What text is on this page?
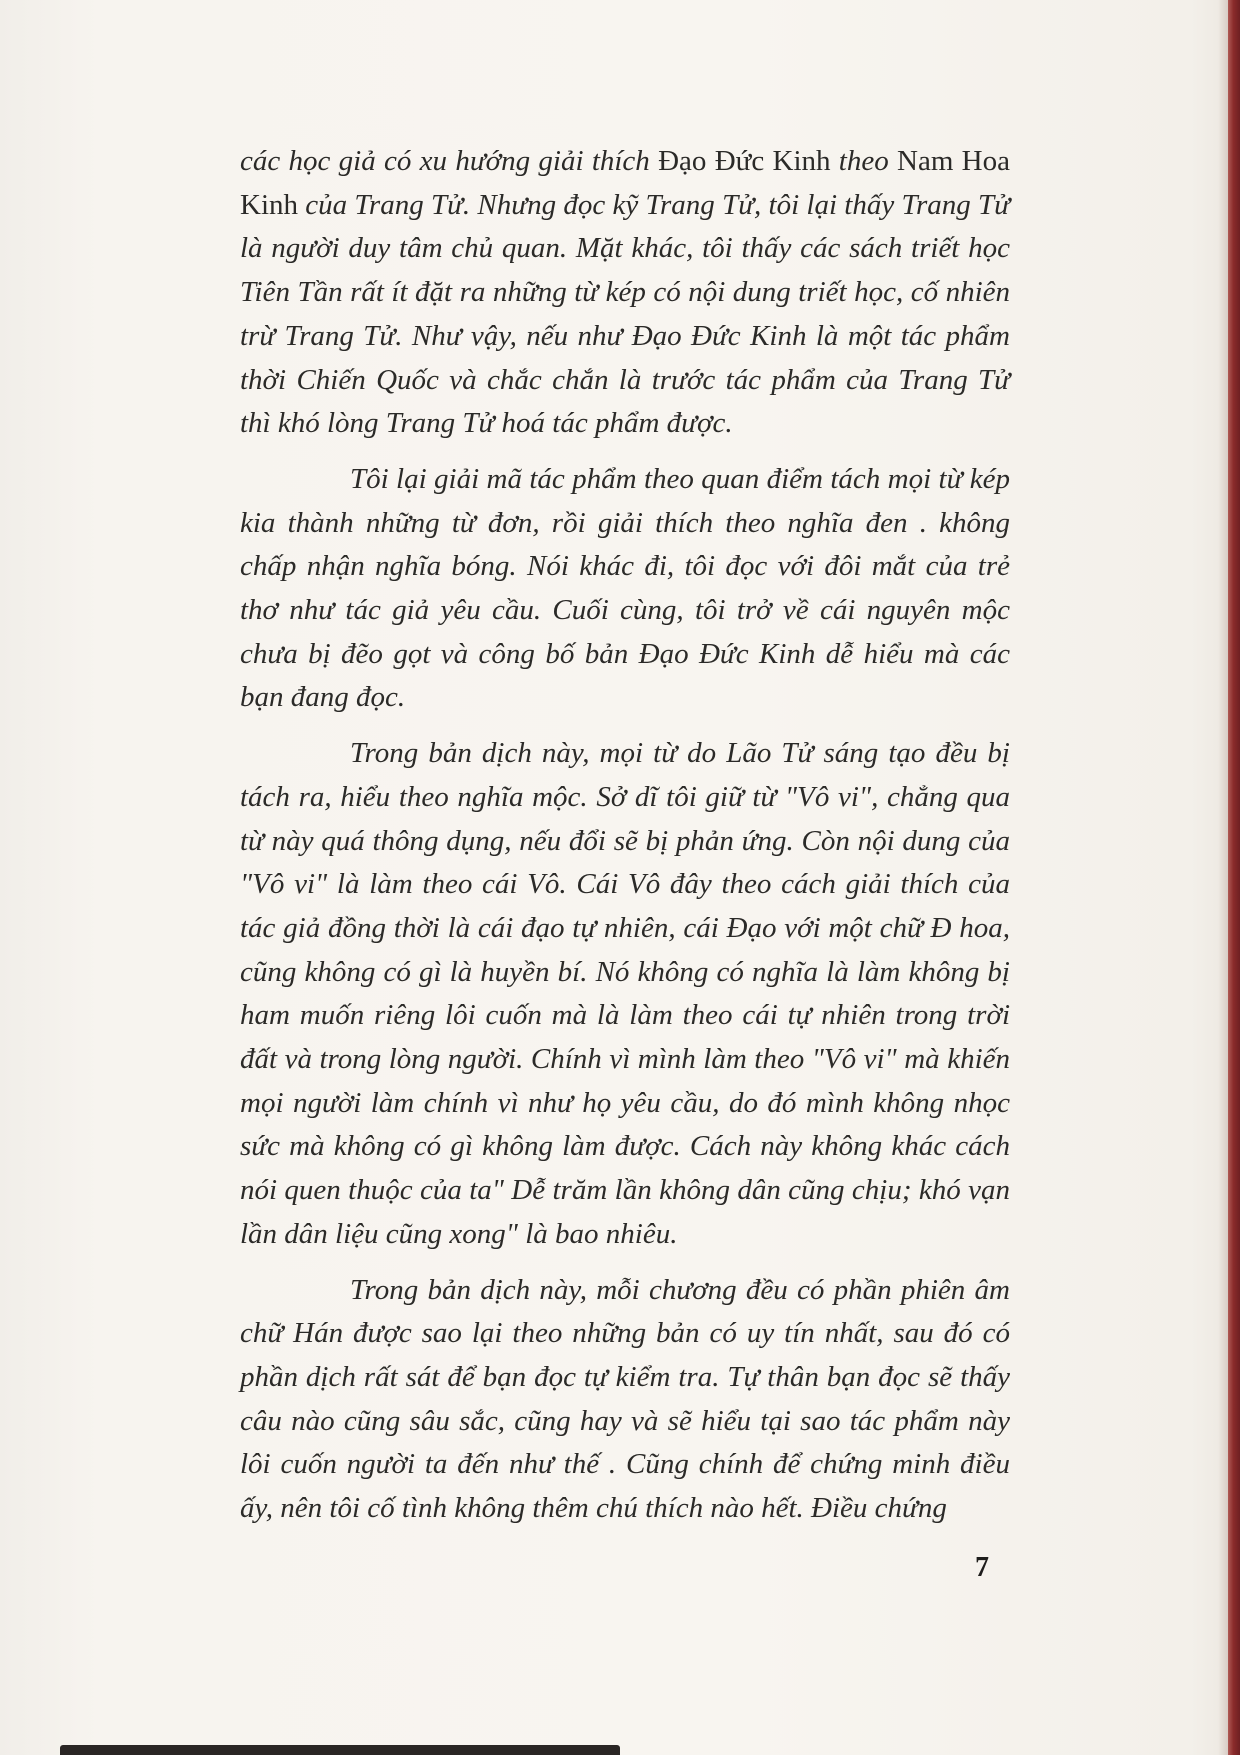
các học giả có xu hướng giải thích Đạo Đức Kinh theo Nam Hoa Kinh của Trang Tử. Nhưng đọc kỹ Trang Tử, tôi lại thấy Trang Tử là người duy tâm chủ quan. Mặt khác, tôi thấy các sách triết học Tiên Tần rất ít đặt ra những từ kép có nội dung triết học, cố nhiên trừ Trang Tử. Như vậy, nếu như Đạo Đức Kinh là một tác phẩm thời Chiến Quốc và chắc chắn là trước tác phẩm của Trang Tử thì khó lòng Trang Tử hoá tác phẩm được.

Tôi lại giải mã tác phẩm theo quan điểm tách mọi từ kép kia thành những từ đơn, rồi giải thích theo nghĩa đen . không chấp nhận nghĩa bóng. Nói khác đi, tôi đọc với đôi mắt của trẻ thơ như tác giả yêu cầu. Cuối cùng, tôi trở về cái nguyên mộc chưa bị đẽo gọt và công bố bản Đạo Đức Kinh dễ hiểu mà các bạn đang đọc.

Trong bản dịch này, mọi từ do Lão Tử sáng tạo đều bị tách ra, hiểu theo nghĩa mộc. Sở dĩ tôi giữ từ "Vô vi", chẳng qua từ này quá thông dụng, nếu đổi sẽ bị phản ứng. Còn nội dung của "Vô vi" là làm theo cái Vô. Cái Vô đây theo cách giải thích của tác giả đồng thời là cái đạo tự nhiên, cái Đạo với một chữ Đ hoa, cũng không có gì là huyền bí. Nó không có nghĩa là làm không bị ham muốn riêng lôi cuốn mà là làm theo cái tự nhiên trong trời đất và trong lòng người. Chính vì mình làm theo "Vô vi" mà khiến mọi người làm chính vì như họ yêu cầu, do đó mình không nhọc sức mà không có gì không làm được. Cách này không khác cách nói quen thuộc của ta" Dễ trăm lần không dân cũng chịu; khó vạn lần dân liệu cũng xong" là bao nhiêu.

Trong bản dịch này, mỗi chương đều có phần phiên âm chữ Hán được sao lại theo những bản có uy tín nhất, sau đó có phần dịch rất sát để bạn đọc tự kiểm tra. Tự thân bạn đọc sẽ thấy câu nào cũng sâu sắc, cũng hay và sẽ hiểu tại sao tác phẩm này lôi cuốn người ta đến như thế . Cũng chính để chứng minh điều ấy, nên tôi cố tình không thêm chú thích nào hết. Điều chứng

7
